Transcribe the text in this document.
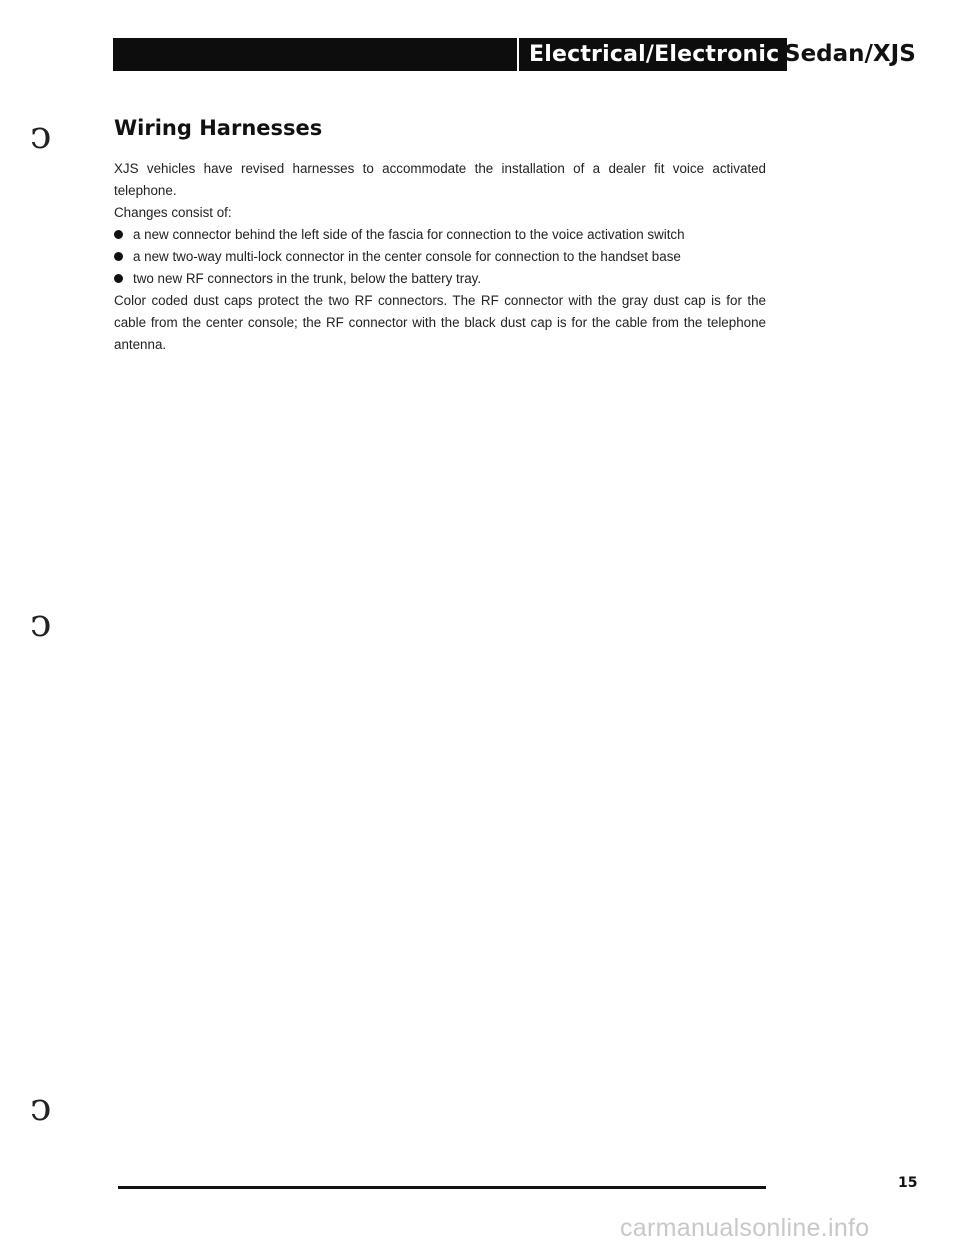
Electrical/Electronic Sedan/XJS
ↄ
ↄ
ↄ
Wiring Harnesses

XJS vehicles have revised harnesses to accommodate the installation of a dealer fit voice activated telephone.

Changes consist of:

a new connector behind the left side of the fascia for connection to the voice activation switch
a new two-way multi-lock connector in the center console for connection to the handset base
two new RF connectors in the trunk, below the battery tray.

Color coded dust caps protect the two RF connectors. The RF connector with the gray dust cap is for the cable from the center console; the RF connector with the black dust cap is for the cable from the telephone antenna.

15
carmanualsonline.info
